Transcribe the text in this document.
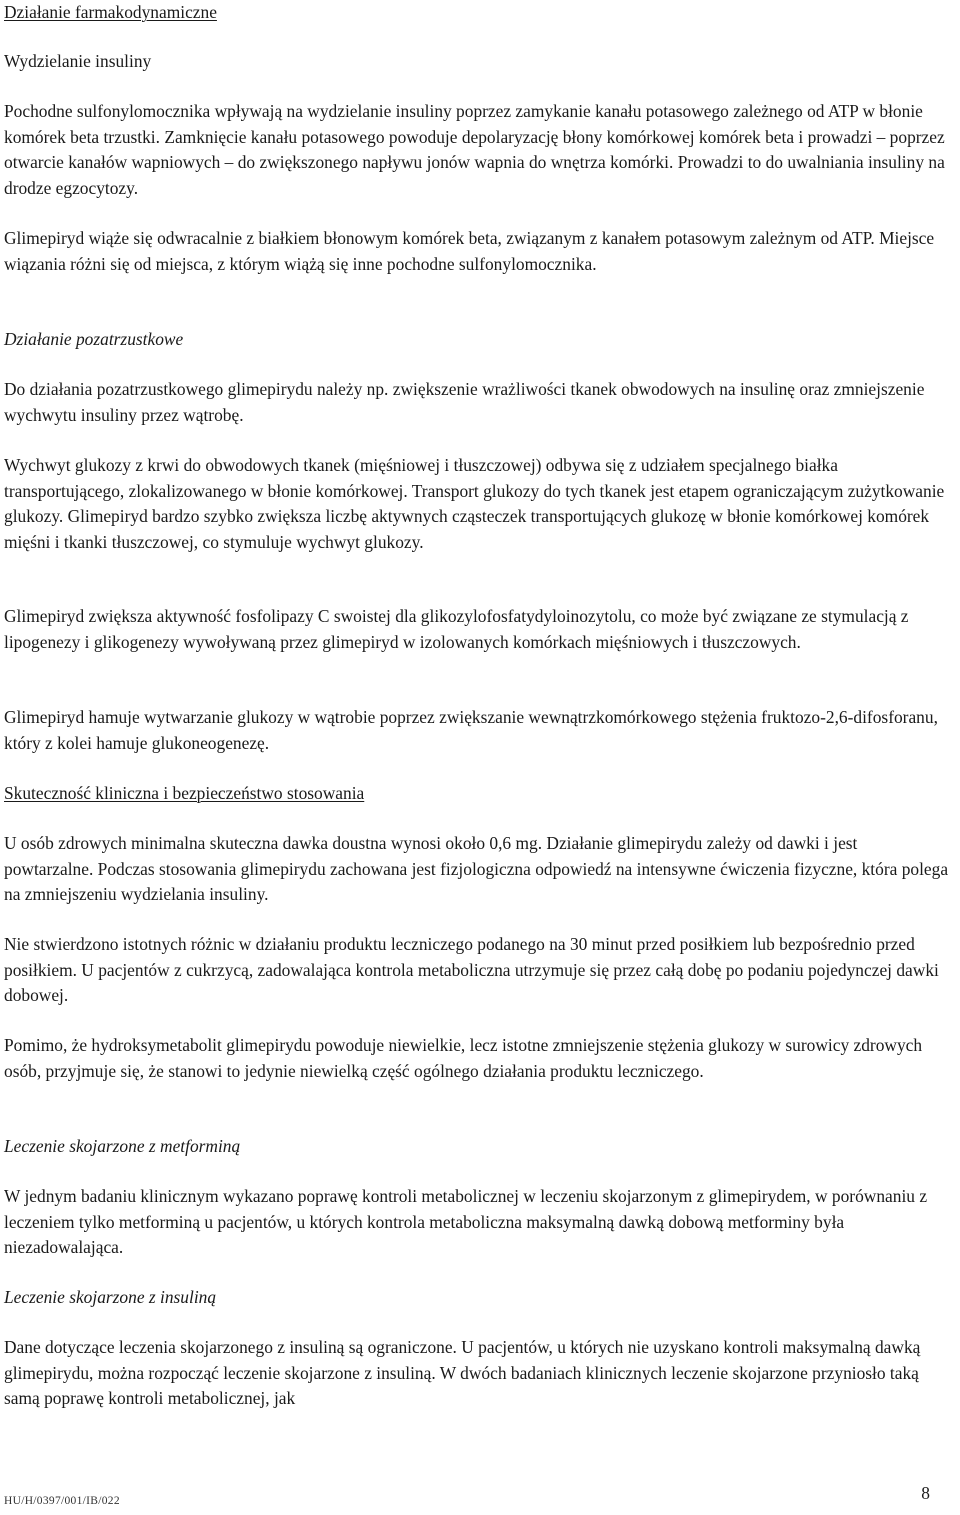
Działanie farmakodynamiczne
Wydzielanie insuliny

Pochodne sulfonylomocznika wpływają na wydzielanie insuliny poprzez zamykanie kanału potasowego zależnego od ATP w błonie komórek beta trzustki. Zamknięcie kanału potasowego powoduje depolaryzację błony komórkowej komórek beta i prowadzi – poprzez otwarcie kanałów wapniowych – do zwiększonego napływu jonów wapnia do wnętrza komórki. Prowadzi to do uwalniania insuliny na drodze egzocytozy.

Glimepiryd wiąże się odwracalnie z białkiem błonowym komórek beta, związanym z kanałem potasowym zależnym od ATP. Miejsce wiązania różni się od miejsca, z którym wiążą się inne pochodne sulfonylomocznika.

Działanie pozatrzustkowe

Do działania pozatrzustkowego glimepirydu należy np. zwiększenie wrażliwości tkanek obwodowych na insulinę oraz zmniejszenie wychwytu insuliny przez wątrobę.

Wychwyt glukozy z krwi do obwodowych tkanek (mięśniowej i tłuszczowej) odbywa się z udziałem specjalnego białka transportującego, zlokalizowanego w błonie komórkowej. Transport glukozy do tych tkanek jest etapem ograniczającym zużytkowanie glukozy. Glimepiryd bardzo szybko zwiększa liczbę aktywnych cząsteczek transportujących glukozę w błonie komórkowej komórek mięśni i tkanki tłuszczowej, co stymuluje wychwyt glukozy.

Glimepiryd zwiększa aktywność fosfolipazy C swoistej dla glikozylofosfatydyloinozytolu, co może być związane ze stymulacją z lipogenezy i glikogenezy wywoływaną przez glimepiryd w izolowanych komórkach mięśniowych i tłuszczowych.

Glimepiryd hamuje wytwarzanie glukozy w wątrobie poprzez zwiększanie wewnątrzkomórkowego stężenia fruktozo-2,6-difosforanu, który z kolei hamuje glukoneogenezę.

Skuteczność kliniczna i bezpieczeństwo stosowania

U osób zdrowych minimalna skuteczna dawka doustna wynosi około 0,6 mg. Działanie glimepirydu zależy od dawki i jest powtarzalne. Podczas stosowania glimepirydu zachowana jest fizjologiczna odpowiedź na intensywne ćwiczenia fizyczne, która polega na zmniejszeniu wydzielania insuliny.

Nie stwierdzono istotnych różnic w działaniu produktu leczniczego podanego na 30 minut przed posiłkiem lub bezpośrednio przed posiłkiem. U pacjentów z cukrzycą, zadowalająca kontrola metaboliczna utrzymuje się przez całą dobę po podaniu pojedynczej dawki dobowej.

Pomimo, że hydroksymetabolit glimepirydu powoduje niewielkie, lecz istotne zmniejszenie stężenia glukozy w surowicy zdrowych osób, przyjmuje się, że stanowi to jedynie niewielką część ogólnego działania produktu leczniczego.

Leczenie skojarzone z metforminą

W jednym badaniu klinicznym wykazano poprawę kontroli metabolicznej w leczeniu skojarzonym z glimepirydem, w porównaniu z leczeniem tylko metforminą u pacjentów, u których kontrola metaboliczna maksymalną dawką dobową metforminy była niezadowalająca.

Leczenie skojarzone z insuliną

Dane dotyczące leczenia skojarzonego z insuliną są ograniczone. U pacjentów, u których nie uzyskano kontroli maksymalną dawką glimepirydu, można rozpocząć leczenie skojarzone z insuliną. W dwóch badaniach klinicznych leczenie skojarzone przyniosło taką samą poprawę kontroli metabolicznej, jak

HU/H/0397/001/IB/022	8
